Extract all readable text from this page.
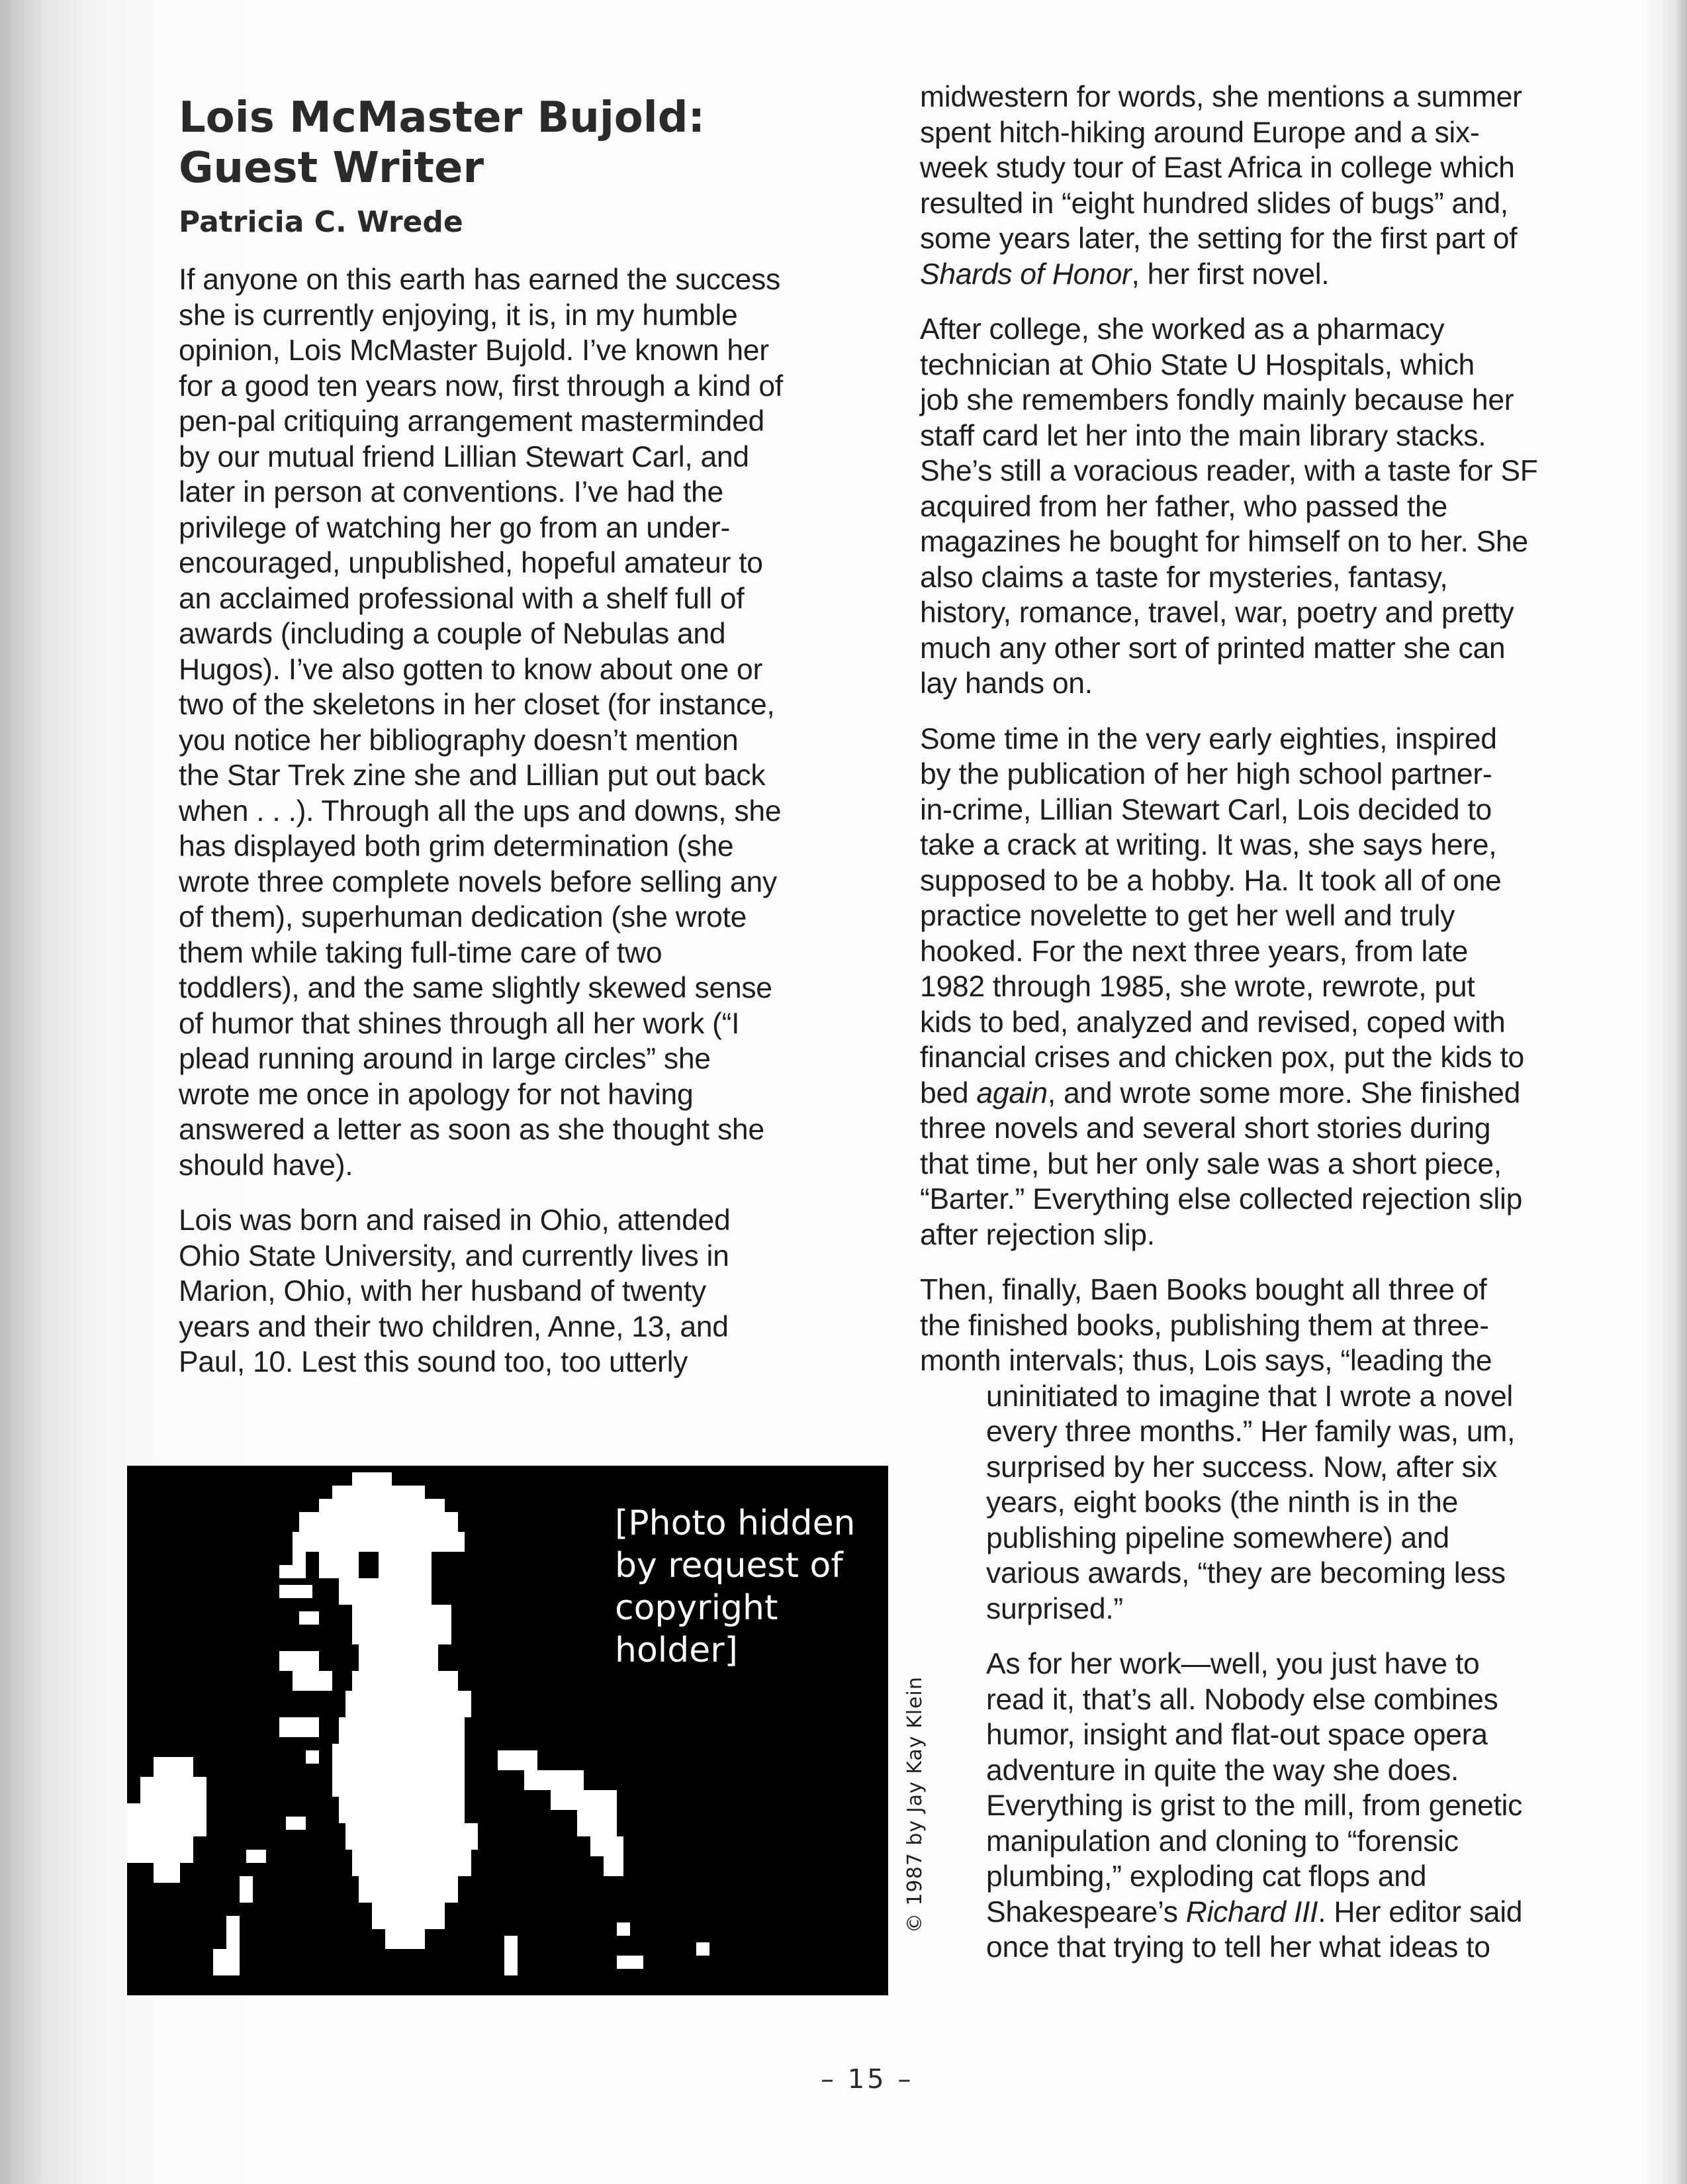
Lois McMaster Bujold:
Guest Writer
Patricia C. Wrede

If anyone on this earth has earned the success
she is currently enjoying, it is, in my humble
opinion, Lois McMaster Bujold. I’ve known her
for a good ten years now, first through a kind of
pen-pal critiquing arrangement masterminded
by our mutual friend Lillian Stewart Carl, and
later in person at conventions. I’ve had the
privilege of watching her go from an under-
encouraged, unpublished, hopeful amateur to
an acclaimed professional with a shelf full of
awards (including a couple of Nebulas and
Hugos). I’ve also gotten to know about one or
two of the skeletons in her closet (for instance,
you notice her bibliography doesn’t mention
the Star Trek zine she and Lillian put out back
when . . .). Through all the ups and downs, she
has displayed both grim determination (she
wrote three complete novels before selling any
of them), superhuman dedication (she wrote
them while taking full-time care of two
toddlers), and the same slightly skewed sense
of humor that shines through all her work (“I
plead running around in large circles” she
wrote me once in apology for not having
answered a letter as soon as she thought she
should have).

Lois was born and raised in Ohio, attended
Ohio State University, and currently lives in
Marion, Ohio, with her husband of twenty
years and their two children, Anne, 13, and
Paul, 10. Lest this sound too, too utterly

[Photo hidden
by request of
copyright
holder]
© 1987 by Jay Kay Klein

midwestern for words, she mentions a summer
spent hitch-hiking around Europe and a six-
week study tour of East Africa in college which
resulted in “eight hundred slides of bugs” and,
some years later, the setting for the first part of
Shards of Honor, her first novel.

After college, she worked as a pharmacy
technician at Ohio State U Hospitals, which
job she remembers fondly mainly because her
staff card let her into the main library stacks.
She’s still a voracious reader, with a taste for SF
acquired from her father, who passed the
magazines he bought for himself on to her. She
also claims a taste for mysteries, fantasy,
history, romance, travel, war, poetry and pretty
much any other sort of printed matter she can
lay hands on.

Some time in the very early eighties, inspired
by the publication of her high school partner-
in-crime, Lillian Stewart Carl, Lois decided to
take a crack at writing. It was, she says here,
supposed to be a hobby. Ha. It took all of one
practice novelette to get her well and truly
hooked. For the next three years, from late
1982 through 1985, she wrote, rewrote, put
kids to bed, analyzed and revised, coped with
financial crises and chicken pox, put the kids to
bed again, and wrote some more. She finished
three novels and several short stories during
that time, but her only sale was a short piece,
“Barter.” Everything else collected rejection slip
after rejection slip.

Then, finally, Baen Books bought all three of
the finished books, publishing them at three-
month intervals; thus, Lois says, “leading the
uninitiated to imagine that I wrote a novel
every three months.” Her family was, um,
surprised by her success. Now, after six
years, eight books (the ninth is in the
publishing pipeline somewhere) and
various awards, “they are becoming less
surprised.”

As for her work—well, you just have to
read it, that’s all. Nobody else combines
humor, insight and flat-out space opera
adventure in quite the way she does.
Everything is grist to the mill, from genetic
manipulation and cloning to “forensic
plumbing,” exploding cat flops and
Shakespeare’s Richard III. Her editor said
once that trying to tell her what ideas to

– 15 –
